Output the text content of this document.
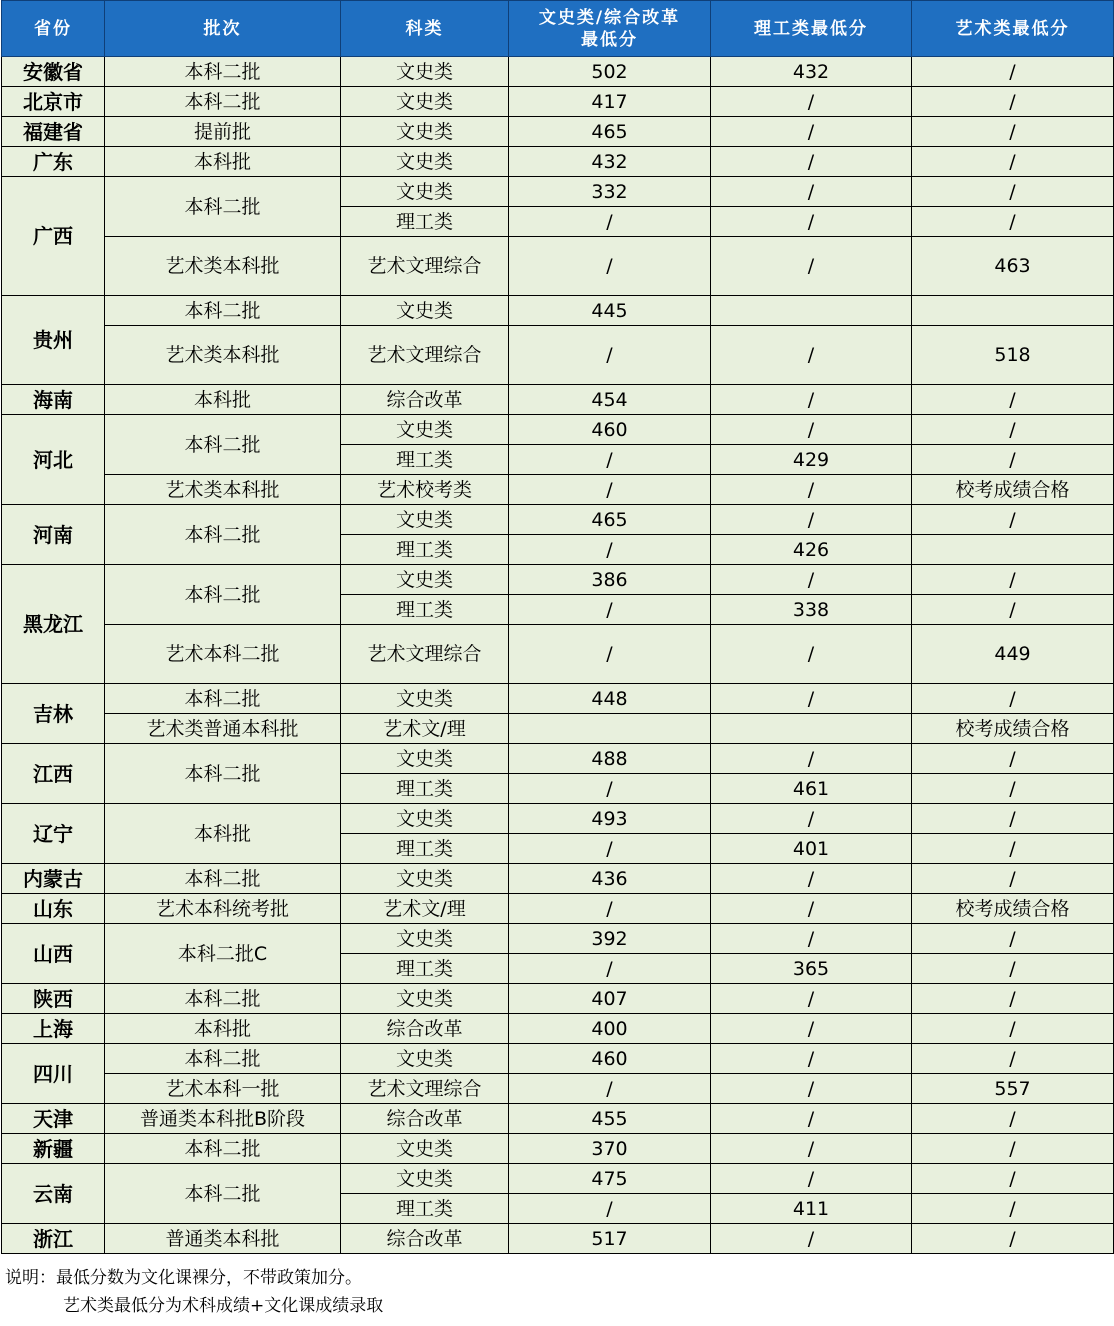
省份	批次	科类	文史类/综合改革
最低分	理工类最低分	艺术类最低分
安徽省	本科二批	文史类	502	432	/
北京市	本科二批	文史类	417	/	/
福建省	提前批	文史类	465	/	/
广东	本科批	文史类	432	/	/
广西	本科二批	文史类	332	/	/
		理工类	/	/	/
	艺术类本科批	艺术文理综合	/	/	463
贵州	本科二批	文史类	445		
	艺术类本科批	艺术文理综合	/	/	518
海南	本科批	综合改革	454	/	/
河北	本科二批	文史类	460	/	/
		理工类	/	429	/
	艺术类本科批	艺术校考类	/	/	校考成绩合格
河南	本科二批	文史类	465	/	/
		理工类	/	426	
黑龙江	本科二批	文史类	386	/	/
		理工类	/	338	/
	艺术本科二批	艺术文理综合	/	/	449
吉林	本科二批	文史类	448	/	/
	艺术类普通本科批	艺术文/理			校考成绩合格
江西	本科二批	文史类	488	/	/
		理工类	/	461	/
辽宁	本科批	文史类	493	/	/
		理工类	/	401	/
内蒙古	本科二批	文史类	436	/	/
山东	艺术本科统考批	艺术文/理	/	/	校考成绩合格
山西	本科二批C	文史类	392	/	/
		理工类	/	365	/
陕西	本科二批	文史类	407	/	/
上海	本科批	综合改革	400	/	/
四川	本科二批	文史类	460	/	/
	艺术本科一批	艺术文理综合	/	/	557
天津	普通类本科批B阶段	综合改革	455	/	/
新疆	本科二批	文史类	370	/	/
云南	本科二批	文史类	475	/	/
		理工类	/	411	/
浙江	普通类本科批	综合改革	517	/	/
说明：最低分数为文化课裸分，不带政策加分。
艺术类最低分为术科成绩+文化课成绩录取
